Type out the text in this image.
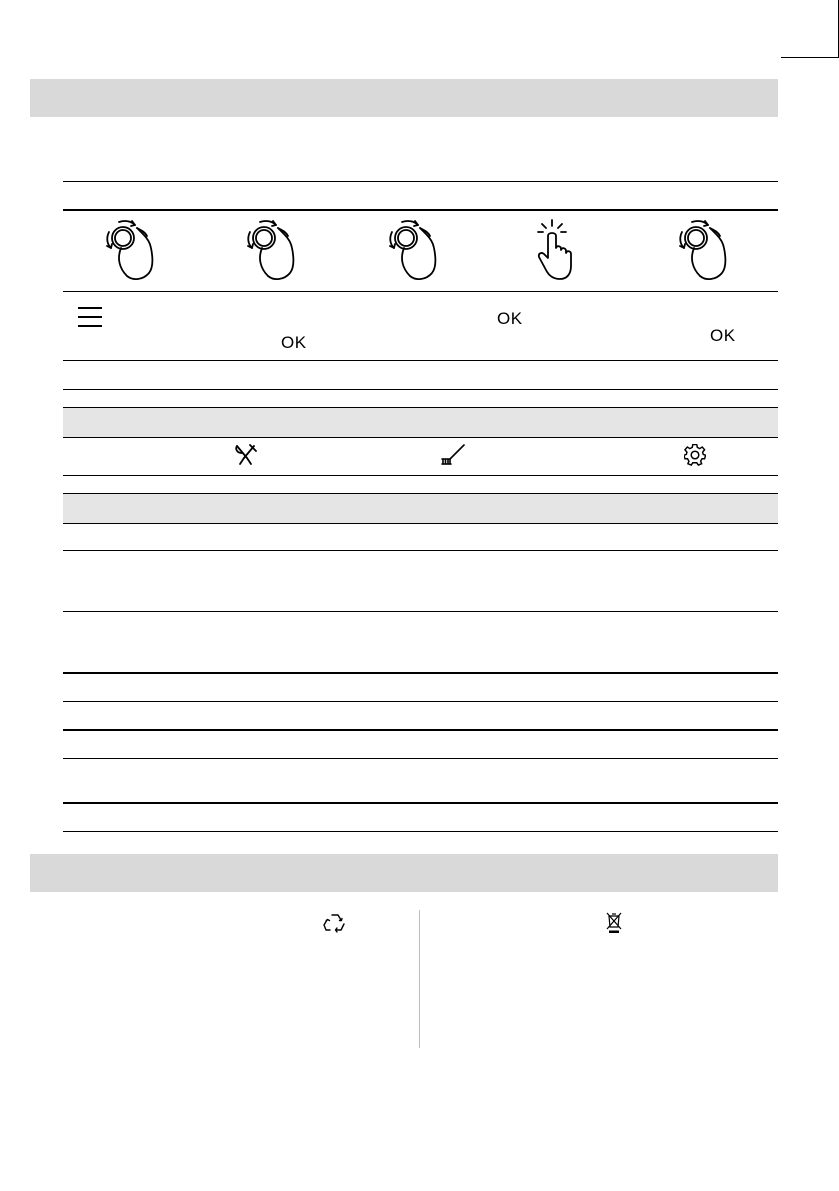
OK
OK
OK
